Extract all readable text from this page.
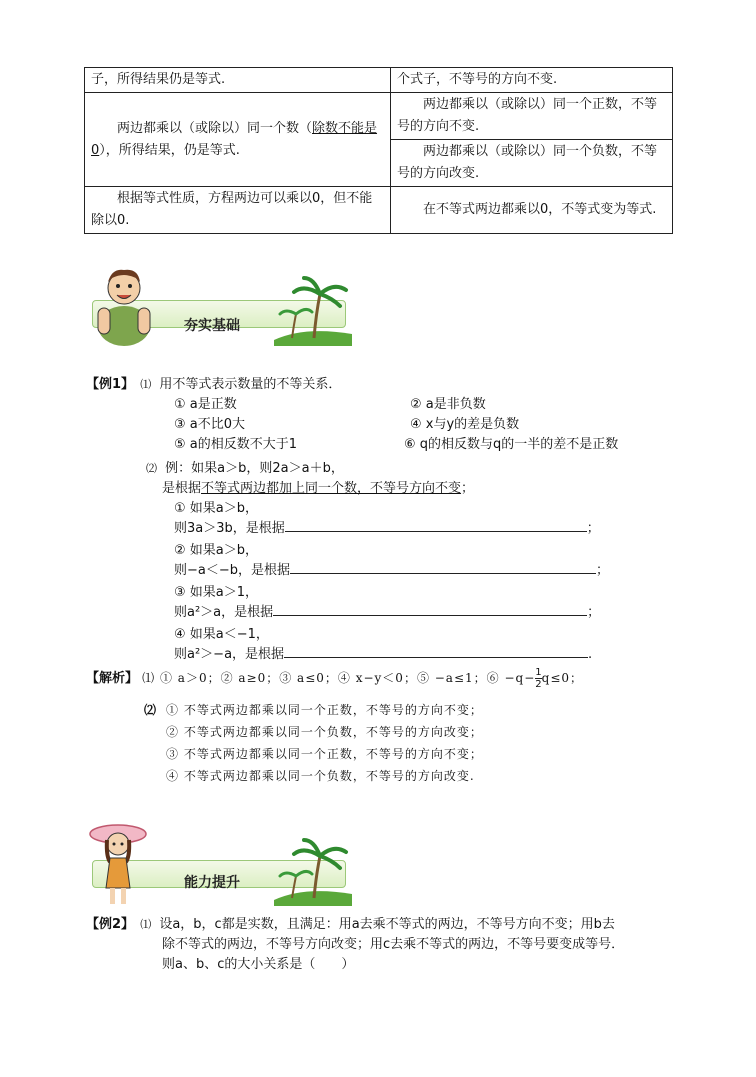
子，所得结果仍是等式.	个式子，不等号的方向不变.
两边都乘以（或除以）同一个数（除数不能是0），所得结果，仍是等式.	两边都乘以（或除以）同一个正数，不等号的方向不变.
	两边都乘以（或除以）同一个负数，不等号的方向改变.
根据等式性质，方程两边可以乘以0，但不能除以0.	在不等式两边都乘以0，不等式变为等式.
夯实基础
【例1】 ⑴ 用不等式表示数量的不等关系．
① a是正数	② a是非负数
③ a不比0大	④ x与y的差是负数
⑤ a的相反数不大于1	⑥ q的相反数与q的一半的差不是正数
⑵ 例：如果a＞b，则2a＞a＋b，
是根据不等式两边都加上同一个数，不等号方向不变；
① 如果a＞b，
则3a＞3b，是根据	；
② 如果a＞b，
则−a＜−b，是根据	；
③ 如果a＞1，
则a²＞a，是根据	；
④ 如果a＜−1，
则a²＞−a，是根据	.
【解析】 ⑴ ① a＞0；② a≥0；③ a≤0；④ x−y＜0；⑤ −a≤1；⑥ $-q- \frac{1}{2} q\le 0$；
⑵ ① 不等式两边都乘以同一个正数，不等号的方向不变；
② 不等式两边都乘以同一个负数，不等号的方向改变；
③ 不等式两边都乘以同一个正数，不等号的方向不变；
④ 不等式两边都乘以同一个负数，不等号的方向改变.
能力提升
【例2】 ⑴ 设a，b，c都是实数，且满足：用a去乘不等式的两边，不等号方向不变；用b去
除不等式的两边，不等号方向改变；用c去乘不等式的两边，不等号要变成等号．
则a、b、c的大小关系是（　　）
